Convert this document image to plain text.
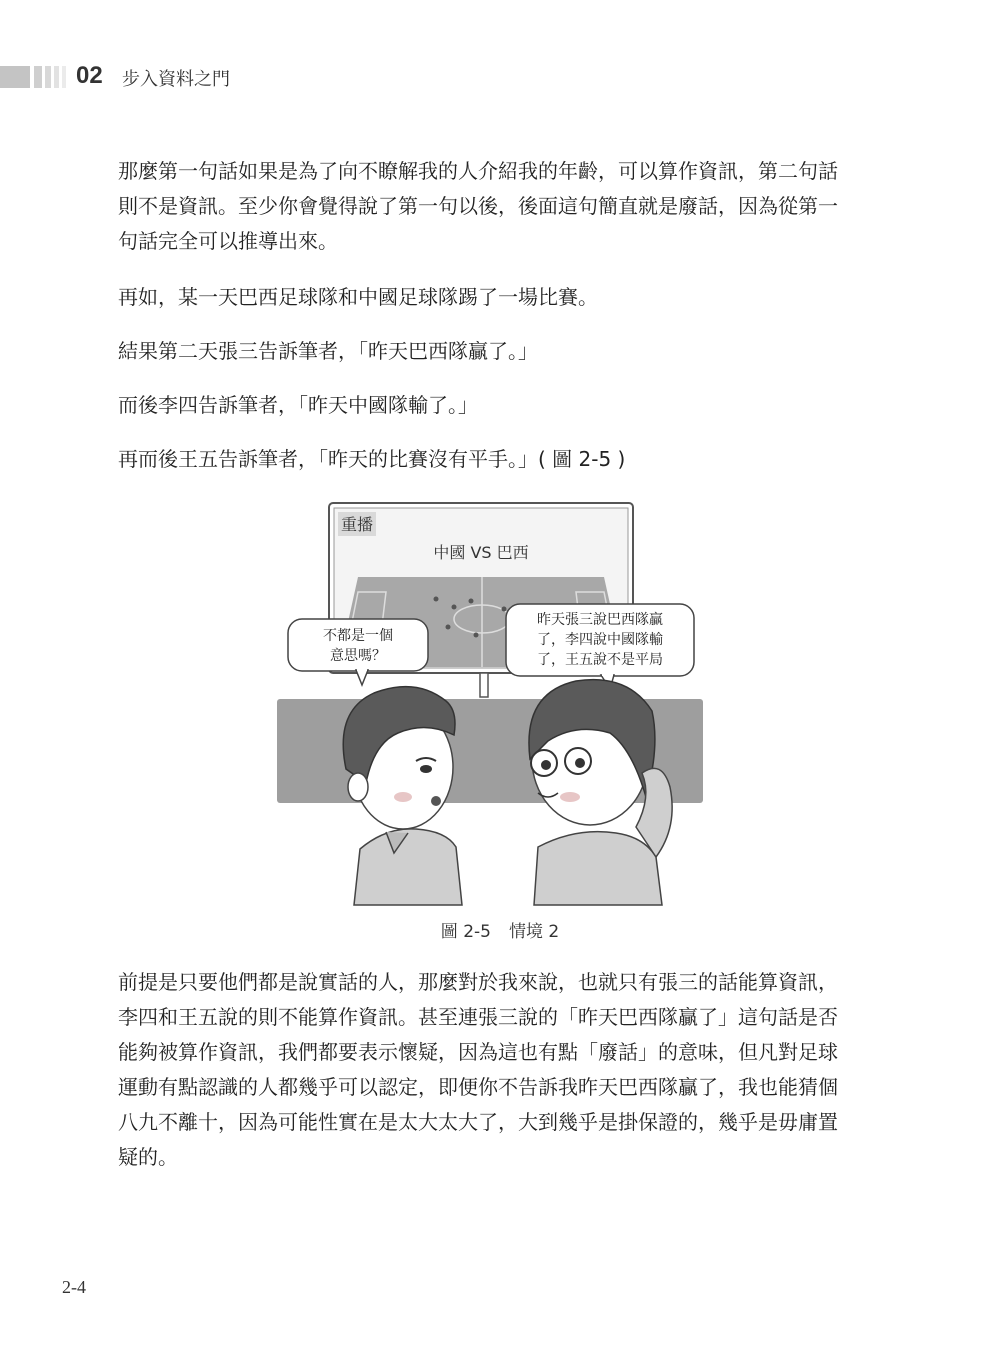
02 步入資料之門

那麼第一句話如果是為了向不瞭解我的人介紹我的年齡，可以算作資訊，第二句話
則不是資訊。至少你會覺得說了第一句以後，後面這句簡直就是廢話，因為從第一
句話完全可以推導出來。

再如，某一天巴西足球隊和中國足球隊踢了一場比賽。

結果第二天張三告訴筆者，「昨天巴西隊贏了。」

而後李四告訴筆者，「昨天中國隊輸了。」

再而後王五告訴筆者，「昨天的比賽沒有平手。」( 圖 2-5 )

重播
中國 VS 巴西
不都是一個
意思嗎？
昨天張三說巴西隊贏
了，李四說中國隊輸
了，王五說不是平局
圖 2-5 情境 2

前提是只要他們都是說實話的人，那麼對於我來說，也就只有張三的話能算資訊，
李四和王五說的則不能算作資訊。甚至連張三說的「昨天巴西隊贏了」這句話是否
能夠被算作資訊，我們都要表示懷疑，因為這也有點「廢話」的意味，但凡對足球
運動有點認識的人都幾乎可以認定，即便你不告訴我昨天巴西隊贏了，我也能猜個
八九不離十，因為可能性實在是太大太大了，大到幾乎是掛保證的，幾乎是毋庸置
疑的。

2-4
